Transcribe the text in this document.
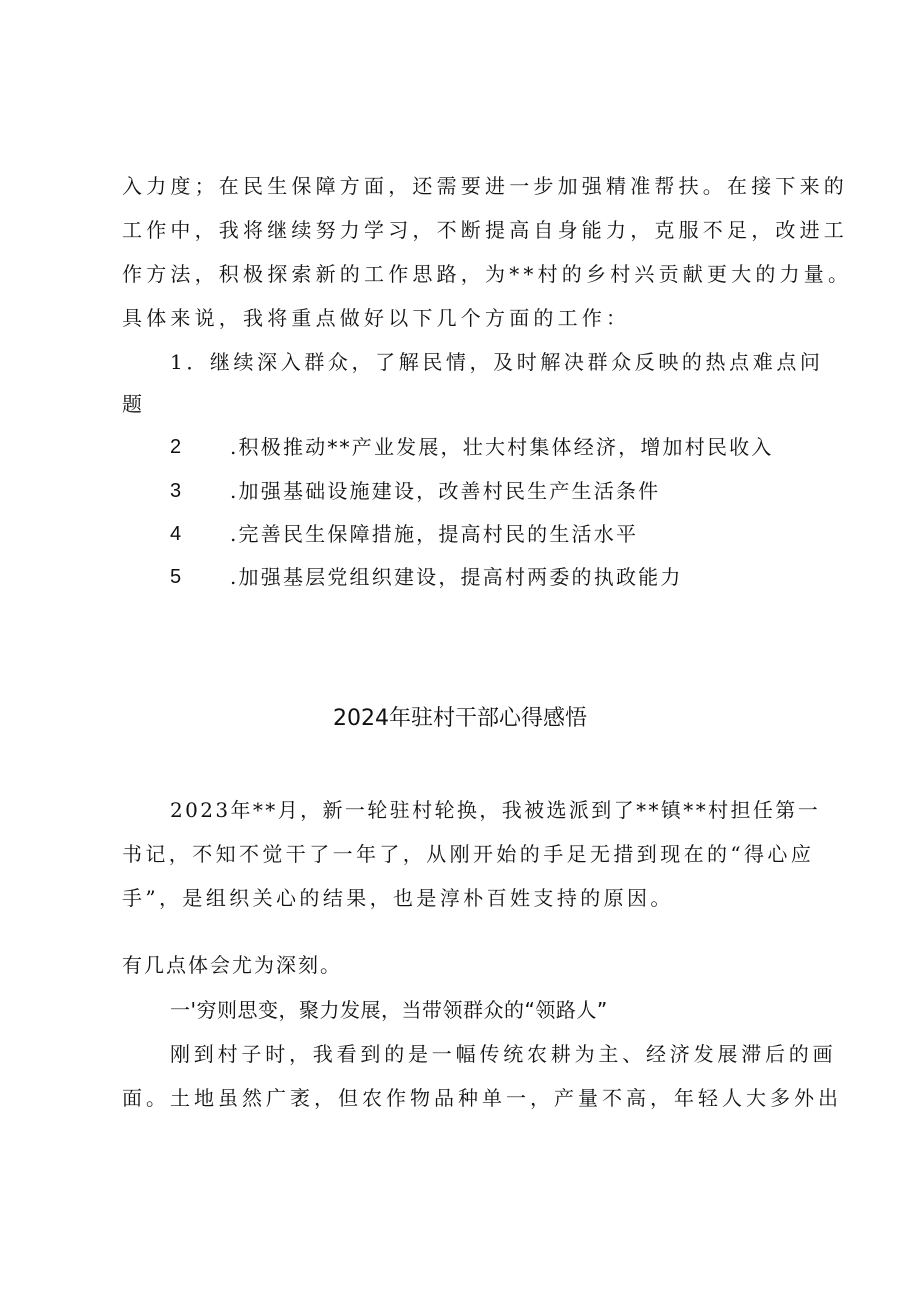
入力度；在民生保障方面，还需要进一步加强精准帮扶。在接下来的
工作中，我将继续努力学习，不断提高自身能力，克服不足，改进工
作方法，积极探索新的工作思路，为**村的乡村兴贡献更大的力量。
具体来说，我将重点做好以下几个方面的工作：
1．继续深入群众，了解民情，及时解决群众反映的热点难点问
题
2 .积极推动**产业发展，壮大村集体经济，增加村民收入
3 .加强基础设施建设，改善村民生产生活条件
4 .完善民生保障措施，提高村民的生活水平
5 .加强基层党组织建设，提高村两委的执政能力
2024年驻村干部心得感悟
2023年**月，新一轮驻村轮换，我被选派到了**镇**村担任第一
书记，不知不觉干了一年了，从刚开始的手足无措到现在的“得心应
手”，是组织关心的结果，也是淳朴百姓支持的原因。
有几点体会尤为深刻。
一'穷则思变，聚力发展，当带领群众的“领路人”
刚到村子时，我看到的是一幅传统农耕为主、经济发展滞后的画
面。土地虽然广袤，但农作物品种单一，产量不高，年轻人大多外出
